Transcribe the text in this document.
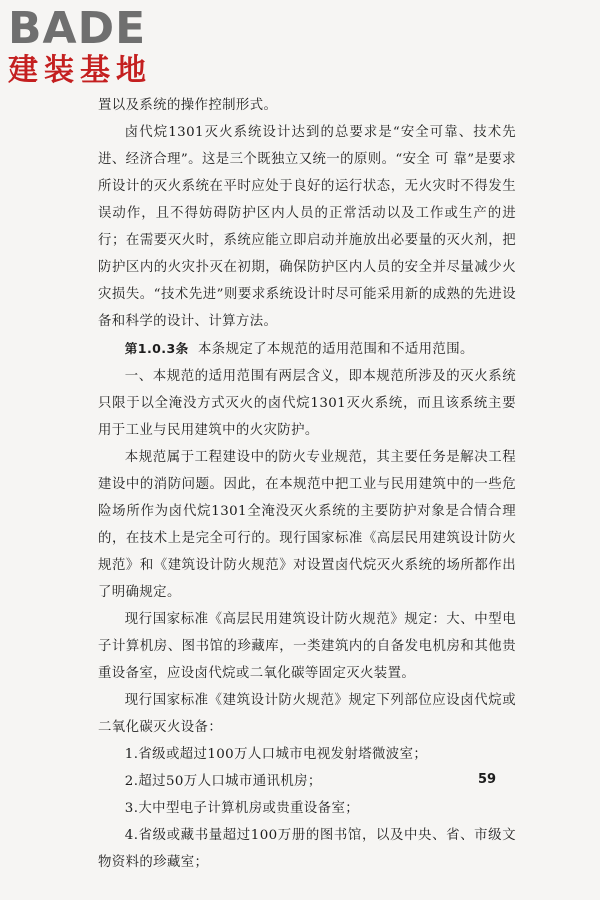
BADE
建装基地

置以及系统的操作控制形式。

卤代烷1301灭火系统设计达到的总要求是“安全可靠、技术先进、经济合理”。这是三个既独立又统一的原则。“安全 可 靠”是要求所设计的灭火系统在平时应处于良好的运行状态，无火灾时不得发生误动作，且不得妨碍防护区内人员的正常活动以及工作或生产的进行；在需要灭火时，系统应能立即启动并施放出必要量的灭火剂，把防护区内的火灾扑灭在初期，确保防护区内人员的安全并尽量减少火灾损失。“技术先进”则要求系统设计时尽可能采用新的成熟的先进设备和科学的设计、计算方法。

第1.0.3条 本条规定了本规范的适用范围和不适用范围。

一、本规范的适用范围有两层含义，即本规范所涉及的灭火系统只限于以全淹没方式灭火的卤代烷1301灭火系统，而且该系统主要用于工业与民用建筑中的火灾防护。

本规范属于工程建设中的防火专业规范，其主要任务是解决工程建设中的消防问题。因此，在本规范中把工业与民用建筑中的一些危险场所作为卤代烷1301全淹没灭火系统的主要防护对象是合情合理的，在技术上是完全可行的。现行国家标准《高层民用建筑设计防火规范》和《建筑设计防火规范》对设置卤代烷灭火系统的场所都作出了明确规定。

现行国家标准《高层民用建筑设计防火规范》规定：大、中型电子计算机房、图书馆的珍藏库，一类建筑内的自备发电机房和其他贵重设备室，应设卤代烷或二氧化碳等固定灭火装置。

现行国家标准《建筑设计防火规范》规定下列部位应设卤代烷或二氧化碳灭火设备：

1.省级或超过100万人口城市电视发射塔微波室；

2.超过50万人口城市通讯机房；

3.大中型电子计算机房或贵重设备室；

4.省级或藏书量超过100万册的图书馆，以及中央、省、市级文物资料的珍藏室；

59
